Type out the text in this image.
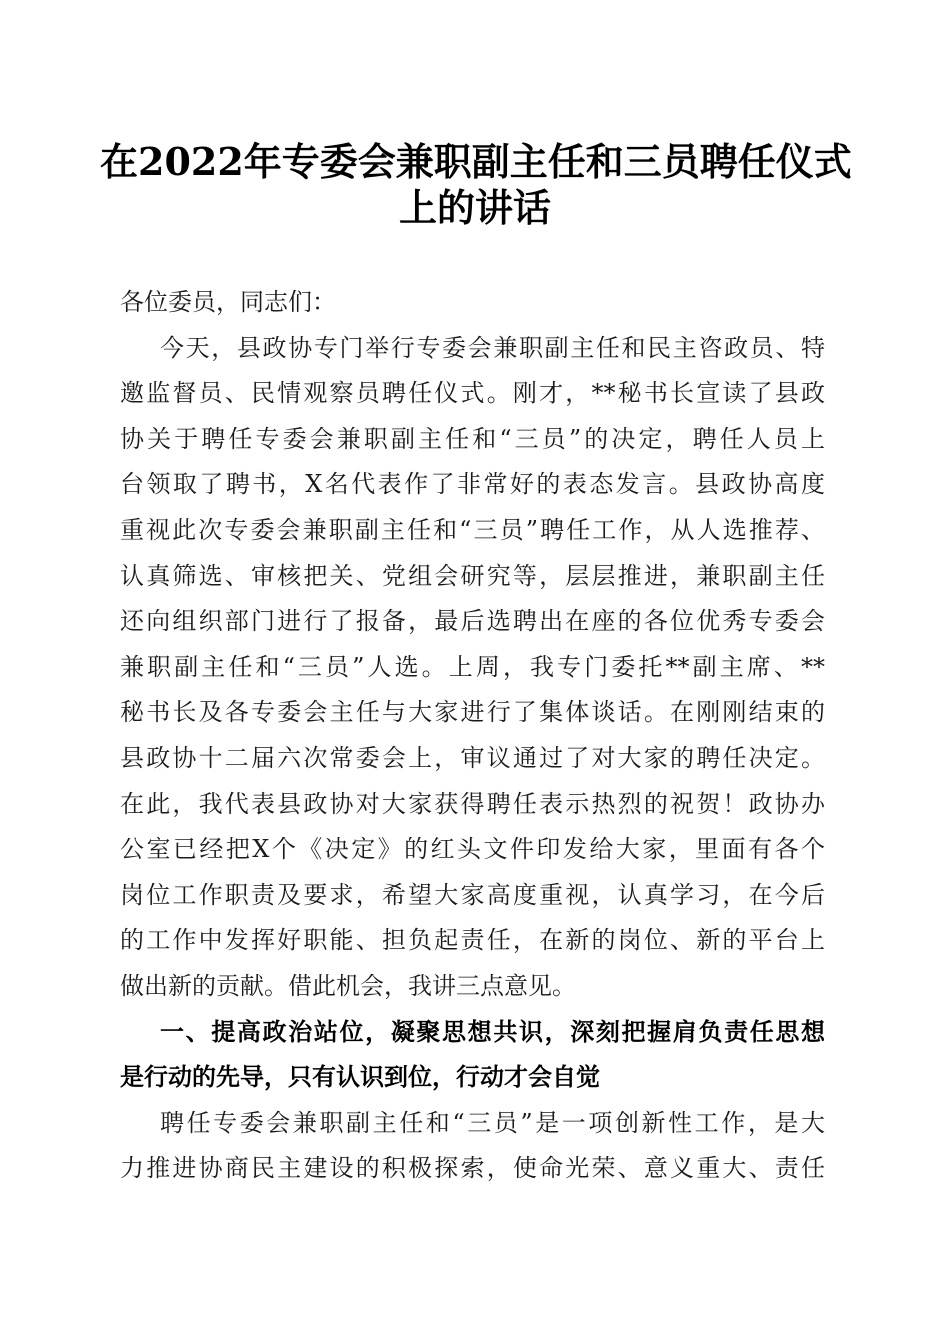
在2022年专委会兼职副主任和三员聘任仪式
上的讲话
各位委员，同志们：
今天，县政协专门举行专委会兼职副主任和民主咨政员、特
邀监督员、民情观察员聘任仪式。刚才，**秘书长宣读了县政
协关于聘任专委会兼职副主任和“三员”的决定，聘任人员上
台领取了聘书，X名代表作了非常好的表态发言。县政协高度
重视此次专委会兼职副主任和“三员”聘任工作，从人选推荐、
认真筛选、审核把关、党组会研究等，层层推进，兼职副主任
还向组织部门进行了报备，最后选聘出在座的各位优秀专委会
兼职副主任和“三员”人选。上周，我专门委托**副主席、**
秘书长及各专委会主任与大家进行了集体谈话。在刚刚结束的
县政协十二届六次常委会上，审议通过了对大家的聘任决定。
在此，我代表县政协对大家获得聘任表示热烈的祝贺！政协办
公室已经把X个《决定》的红头文件印发给大家，里面有各个
岗位工作职责及要求，希望大家高度重视，认真学习，在今后
的工作中发挥好职能、担负起责任，在新的岗位、新的平台上
做出新的贡献。借此机会，我讲三点意见。
一、提高政治站位，凝聚思想共识，深刻把握肩负责任思想
是行动的先导，只有认识到位，行动才会自觉
聘任专委会兼职副主任和“三员”是一项创新性工作，是大
力推进协商民主建设的积极探索，使命光荣、意义重大、责任
